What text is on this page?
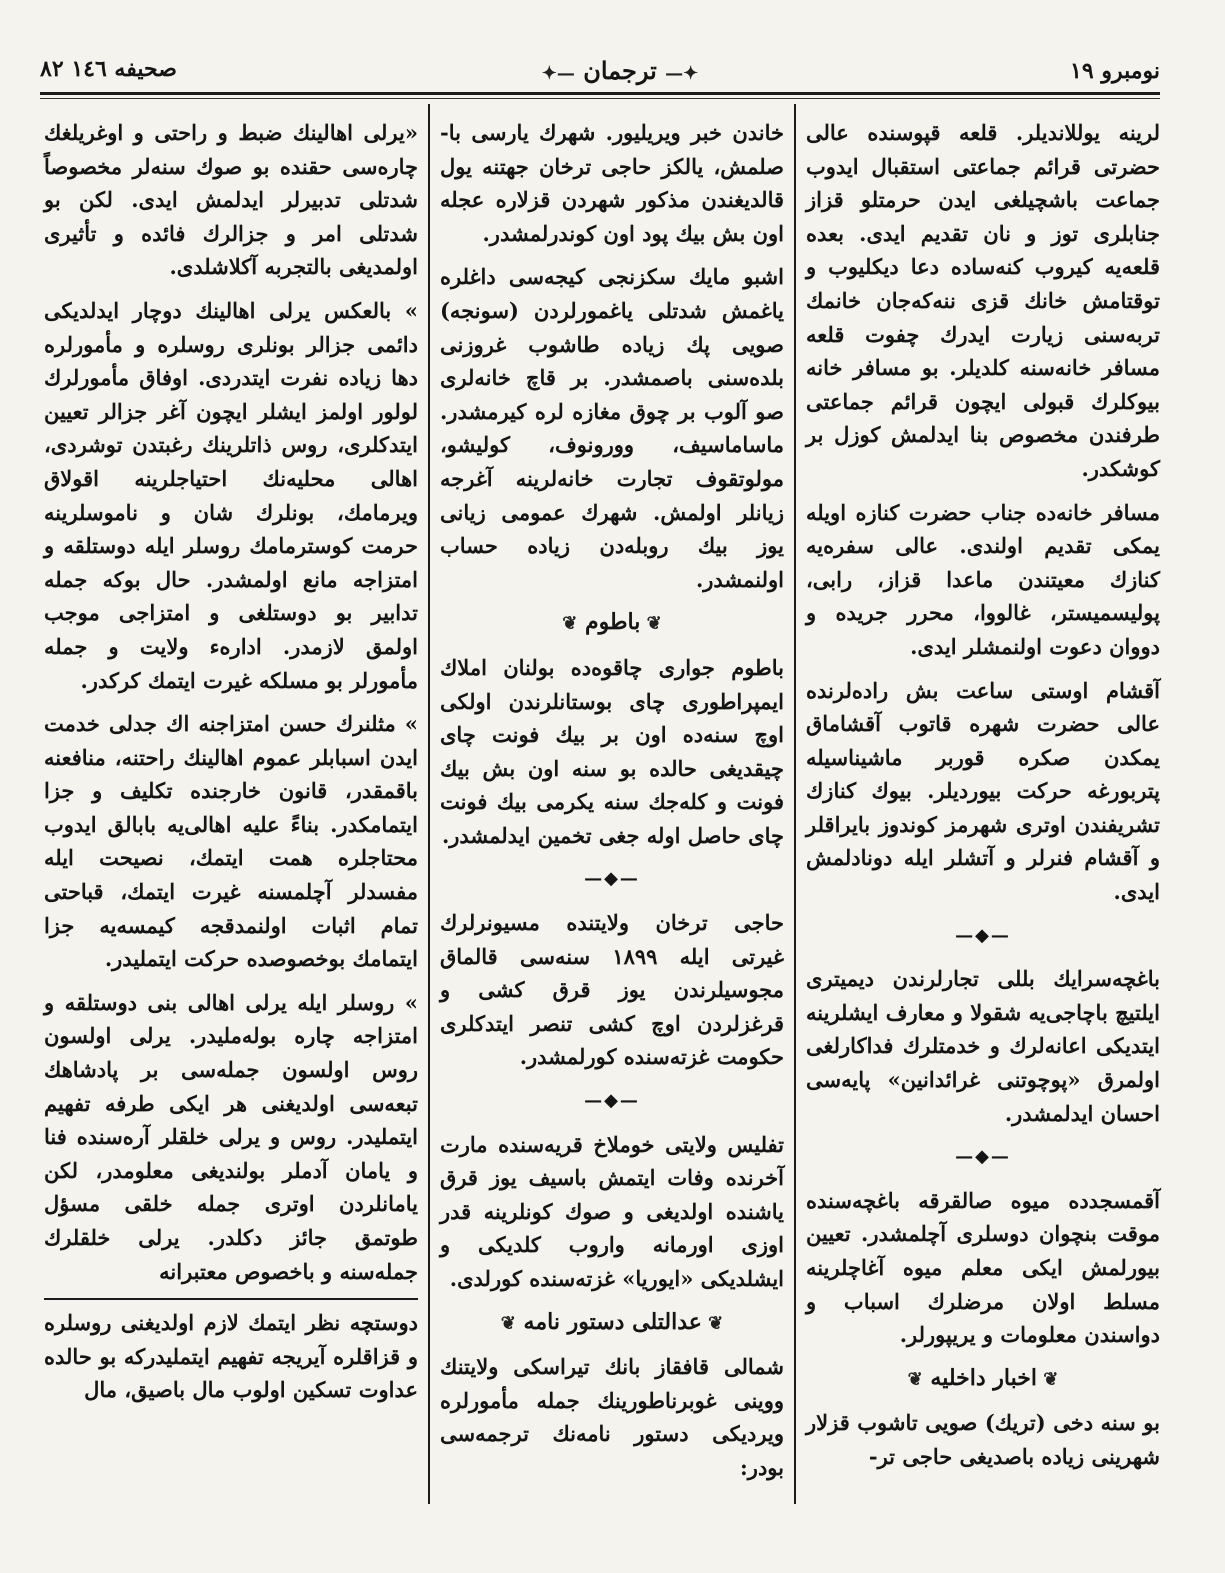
نومبرو ١٩
✦— ترجمان —✦
صحيفه ١٤٦ ۸۲

لرينه يوللانديلر. قلعه قپوسنده عالى حضرتى قرائم جماعتى استقبال ايدوب جماعت باشچيلغى ايدن حرمتلو قزاز جنابلرى توز و نان تقديم ايدى. بعده قلعه‌يه كيروب كنه‌ساده دعا ديكليوب و توقتامش خانك قزى ننه‌كه‌جان خانمك تربه‌سنى زيارت ايدرك چفوت قلعه مسافر خانه‌سنه كلديلر. بو مسافر خانه بيوكلرك قبولى ايچون قرائم جماعتى طرفندن مخصوص بنا ايدلمش كوزل بر كوشكدر.

مسافر خانه‌ده جناب حضرت كنازه اويله يمكى تقديم اولندى. عالى سفره‌يه كنازك معيتندن ماعدا قزاز، رابى، پوليسميستر، غالووا، محرر جريده و دووان دعوت اولنمشلر ايدى.

آقشام اوستى ساعت بش راده‌لرنده عالى حضرت شهره قاتوب آقشاماق يمكدن صكره قوربر ماشيناسيله پتربورغه حركت بيورديلر. بيوك كنازك تشريفندن اوترى شهرمز كوندوز بايراقلر و آقشام فنرلر و آتشلر ايله دونادلمش ايدى.

—◆—

باغچه‌سرايك بللى تجارلرندن ديميترى ايلتيچ باچاجى‌يه شقولا و معارف ايشلرينه ايتديكى اعانه‌لرك و خدمتلرك فداكارلغى اولمرق «پوچوتنى غرائدانين» پايه‌سى احسان ايدلمشدر.

—◆—

آقمسجدده ميوه صالقرقه باغچه‌سنده موقت بنچوان دوسلرى آچلمشدر. تعيين بيورلمش ايكى معلم ميوه آغاچلرينه مسلط اولان مرضلرك اسباب و دواسندن معلومات و يريپورلر.

❦ اخبار داخليه ❦

بو سنه دخى (تريك) صويى تاشوب قزلار شهرينى زياده باصديغى حاجى تر-

خاندن خبر ويريليور. شهرك يارسى با- صلمش، يالكز حاجى ترخان جهتنه يول قالديغندن مذكور شهردن قزلاره عجله اون بش بيك پود اون كوندرلمشدر.

اشبو مايك سكزنجى كيجه‌سى داغلره ياغمش شدتلى ياغمورلردن (سونجه) صويى پك زياده طاشوب غروزنى بلده‌سنى باصمشدر. بر قاچ خانه‌لرى صو آلوب بر چوق مغازه لره كيرمشدر. ماساماسيف، وورونوف، كوليشو، مولوتقوف تجارت خانه‌لرينه آغرجه زيانلر اولمش. شهرك عمومى زيانى يوز بيك روبله‌دن زياده حساب اولنمشدر.

❦ باطوم ❦

باطوم جوارى چاقوه‌ده بولنان املاك ايمپراطورى چاى بوستانلرندن اولكى اوچ سنه‌ده اون بر بيك فونت چاى چيقديغى حالده بو سنه اون بش بيك فونت و كله‌جك سنه يكرمى بيك فونت چاى حاصل اوله جغى تخمين ايدلمشدر.

—◆—

حاجى ترخان ولايتنده مسيونرلرك غيرتى ايله ١٨٩٩ سنه‌سى قالماق مجوسيلرندن يوز قرق كشى و قرغزلردن اوچ كشى تنصر ايتدكلرى حكومت غزته‌سنده كورلمشدر.

—◆—

تفليس ولايتى خوملاخ قريه‌سنده مارت آخرنده وفات ايتمش باسيف يوز قرق ياشنده اولديغى و صوك كونلرينه قدر اوزى اورمانه واروب كلديكى و ايشلديكى «ايوريا» غزته‌سنده كورلدى.

❦ عدالتلى دستور نامه ❦

شمالى قافقاز بانك تيراسكى ولايتنك ووينى غوبرناطورينك جمله مأمورلره ويرديكى دستور نامه‌نك ترجمه‌سى بودر:

«يرلى اهالينك ضبط و راحتى و اوغريلغك چاره‌سى حقنده بو صوك سنه‌لر مخصوصاً شدتلى تدبيرلر ايدلمش ايدى. لكن بو شدتلى امر و جزالرك فائده و تأثيرى اولمديغى بالتجربه آكلاشلدى.

» بالعكس يرلى اهالينك دوچار ايدلديكى دائمى جزالر بونلرى روسلره و مأمورلره دها زياده نفرت ايتدردى. اوفاق مأمورلرك لولور اولمز ايشلر ايچون آغر جزالر تعيين ايتدكلرى، روس ذاتلرينك رغبتدن توشردى، اهالى محليه‌نك احتياجلرينه اقولاق ويرمامك، بونلرك شان و ناموسلرينه حرمت كوسترمامك روسلر ايله دوستلقه و امتزاجه مانع اولمشدر. حال بوكه جمله تدابير بو دوستلغى و امتزاجى موجب اولمق لازمدر. اداره‌ء ولايت و جمله مأمورلر بو مسلكه غيرت ايتمك كركدر.

» مثلنرك حسن امتزاجنه اك جدلى خدمت ايدن اسبابلر عموم اهالينك راحتنه، منافعنه باقمقدر، قانون خارجنده تكليف و جزا ايتمامكدر. بناءً عليه اهالى‌يه بابالق ايدوب محتاجلره همت ايتمك، نصيحت ايله مفسدلر آچلمسنه غيرت ايتمك، قباحتى تمام اثبات اولنمدقجه كيمسه‌يه جزا ايتمامك بوخصوصده حركت ايتمليدر.

» روسلر ايله يرلى اهالى بنى دوستلقه و امتزاجه چاره بوله‌مليدر. يرلى اولسون روس اولسون جمله‌سى بر پادشاهك تبعه‌سى اولديغنى هر ايكى طرفه تفهيم ايتمليدر. روس و يرلى خلقلر آره‌سنده فنا و يامان آدملر بولنديغى معلومدر، لكن يامانلردن اوترى جمله خلقى مسؤل طوتمق جائز دكلدر. يرلى خلقلرك جمله‌سنه و باخصوص معتبرانه

دوستچه نظر ايتمك لازم اولديغنى روسلره و قزاقلره آيريجه تفهيم ايتمليدركه بو حالده عداوت تسكين اولوب مال باصيق، مال
